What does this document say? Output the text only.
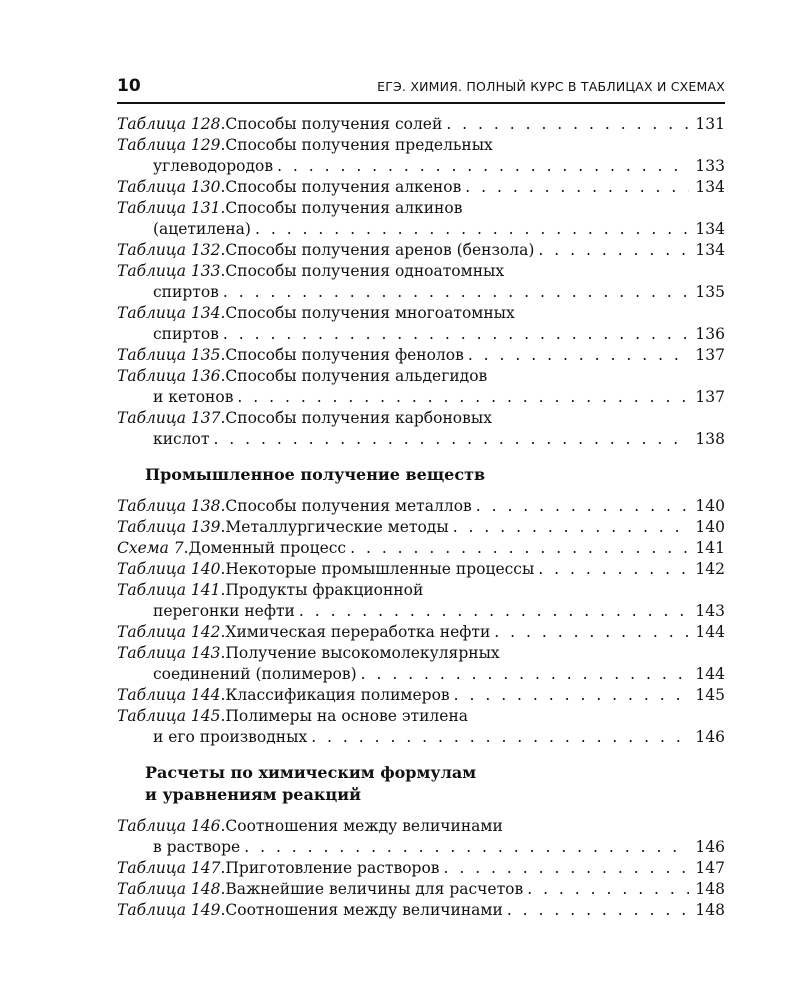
10	ЕГЭ. ХИМИЯ. ПОЛНЫЙ КУРС В ТАБЛИЦАХ И СХЕМАХ
Таблица 128 . Способы получения солей . . .	131
Таблица 129 . Способы получения предельных
углеводородов . . .	133
Таблица 130 . Способы получения алкенов . . .	134
Таблица 131 . Способы получения алкинов
(ацетилена) . . .	134
Таблица 132 . Способы получения аренов (бензола) . . .	134
Таблица 133 . Способы получения одноатомных
спиртов . . .	135
Таблица 134 . Способы получения многоатомных
спиртов . . .	136
Таблица 135 . Способы получения фенолов . . .	137
Таблица 136 . Способы получения альдегидов
и кетонов . . .	137
Таблица 137 . Способы получения карбоновых
кислот . . .	138
Промышленное получение веществ
Таблица 138 . Способы получения металлов . . .	140
Таблица 139 . Металлургические методы . . .	140
Схема 7 . Доменный процесс . . .	141
Таблица 140 . Некоторые промышленные процессы . . .	142
Таблица 141 . Продукты фракционной
перегонки нефти . . .	143
Таблица 142 . Химическая переработка нефти . . .	144
Таблица 143 . Получение высокомолекулярных
соединений (полимеров) . . .	144
Таблица 144 . Классификация полимеров . . .	145
Таблица 145 . Полимеры на основе этилена
и его производных . . .	146
Расчеты по химическим формулам
и уравнениям реакций
Таблица 146 . Соотношения между величинами
в растворе . . .	146
Таблица 147 . Приготовление растворов . . .	147
Таблица 148 . Важнейшие величины для расчетов . . .	148
Таблица 149 . Соотношения между величинами . . .	148
